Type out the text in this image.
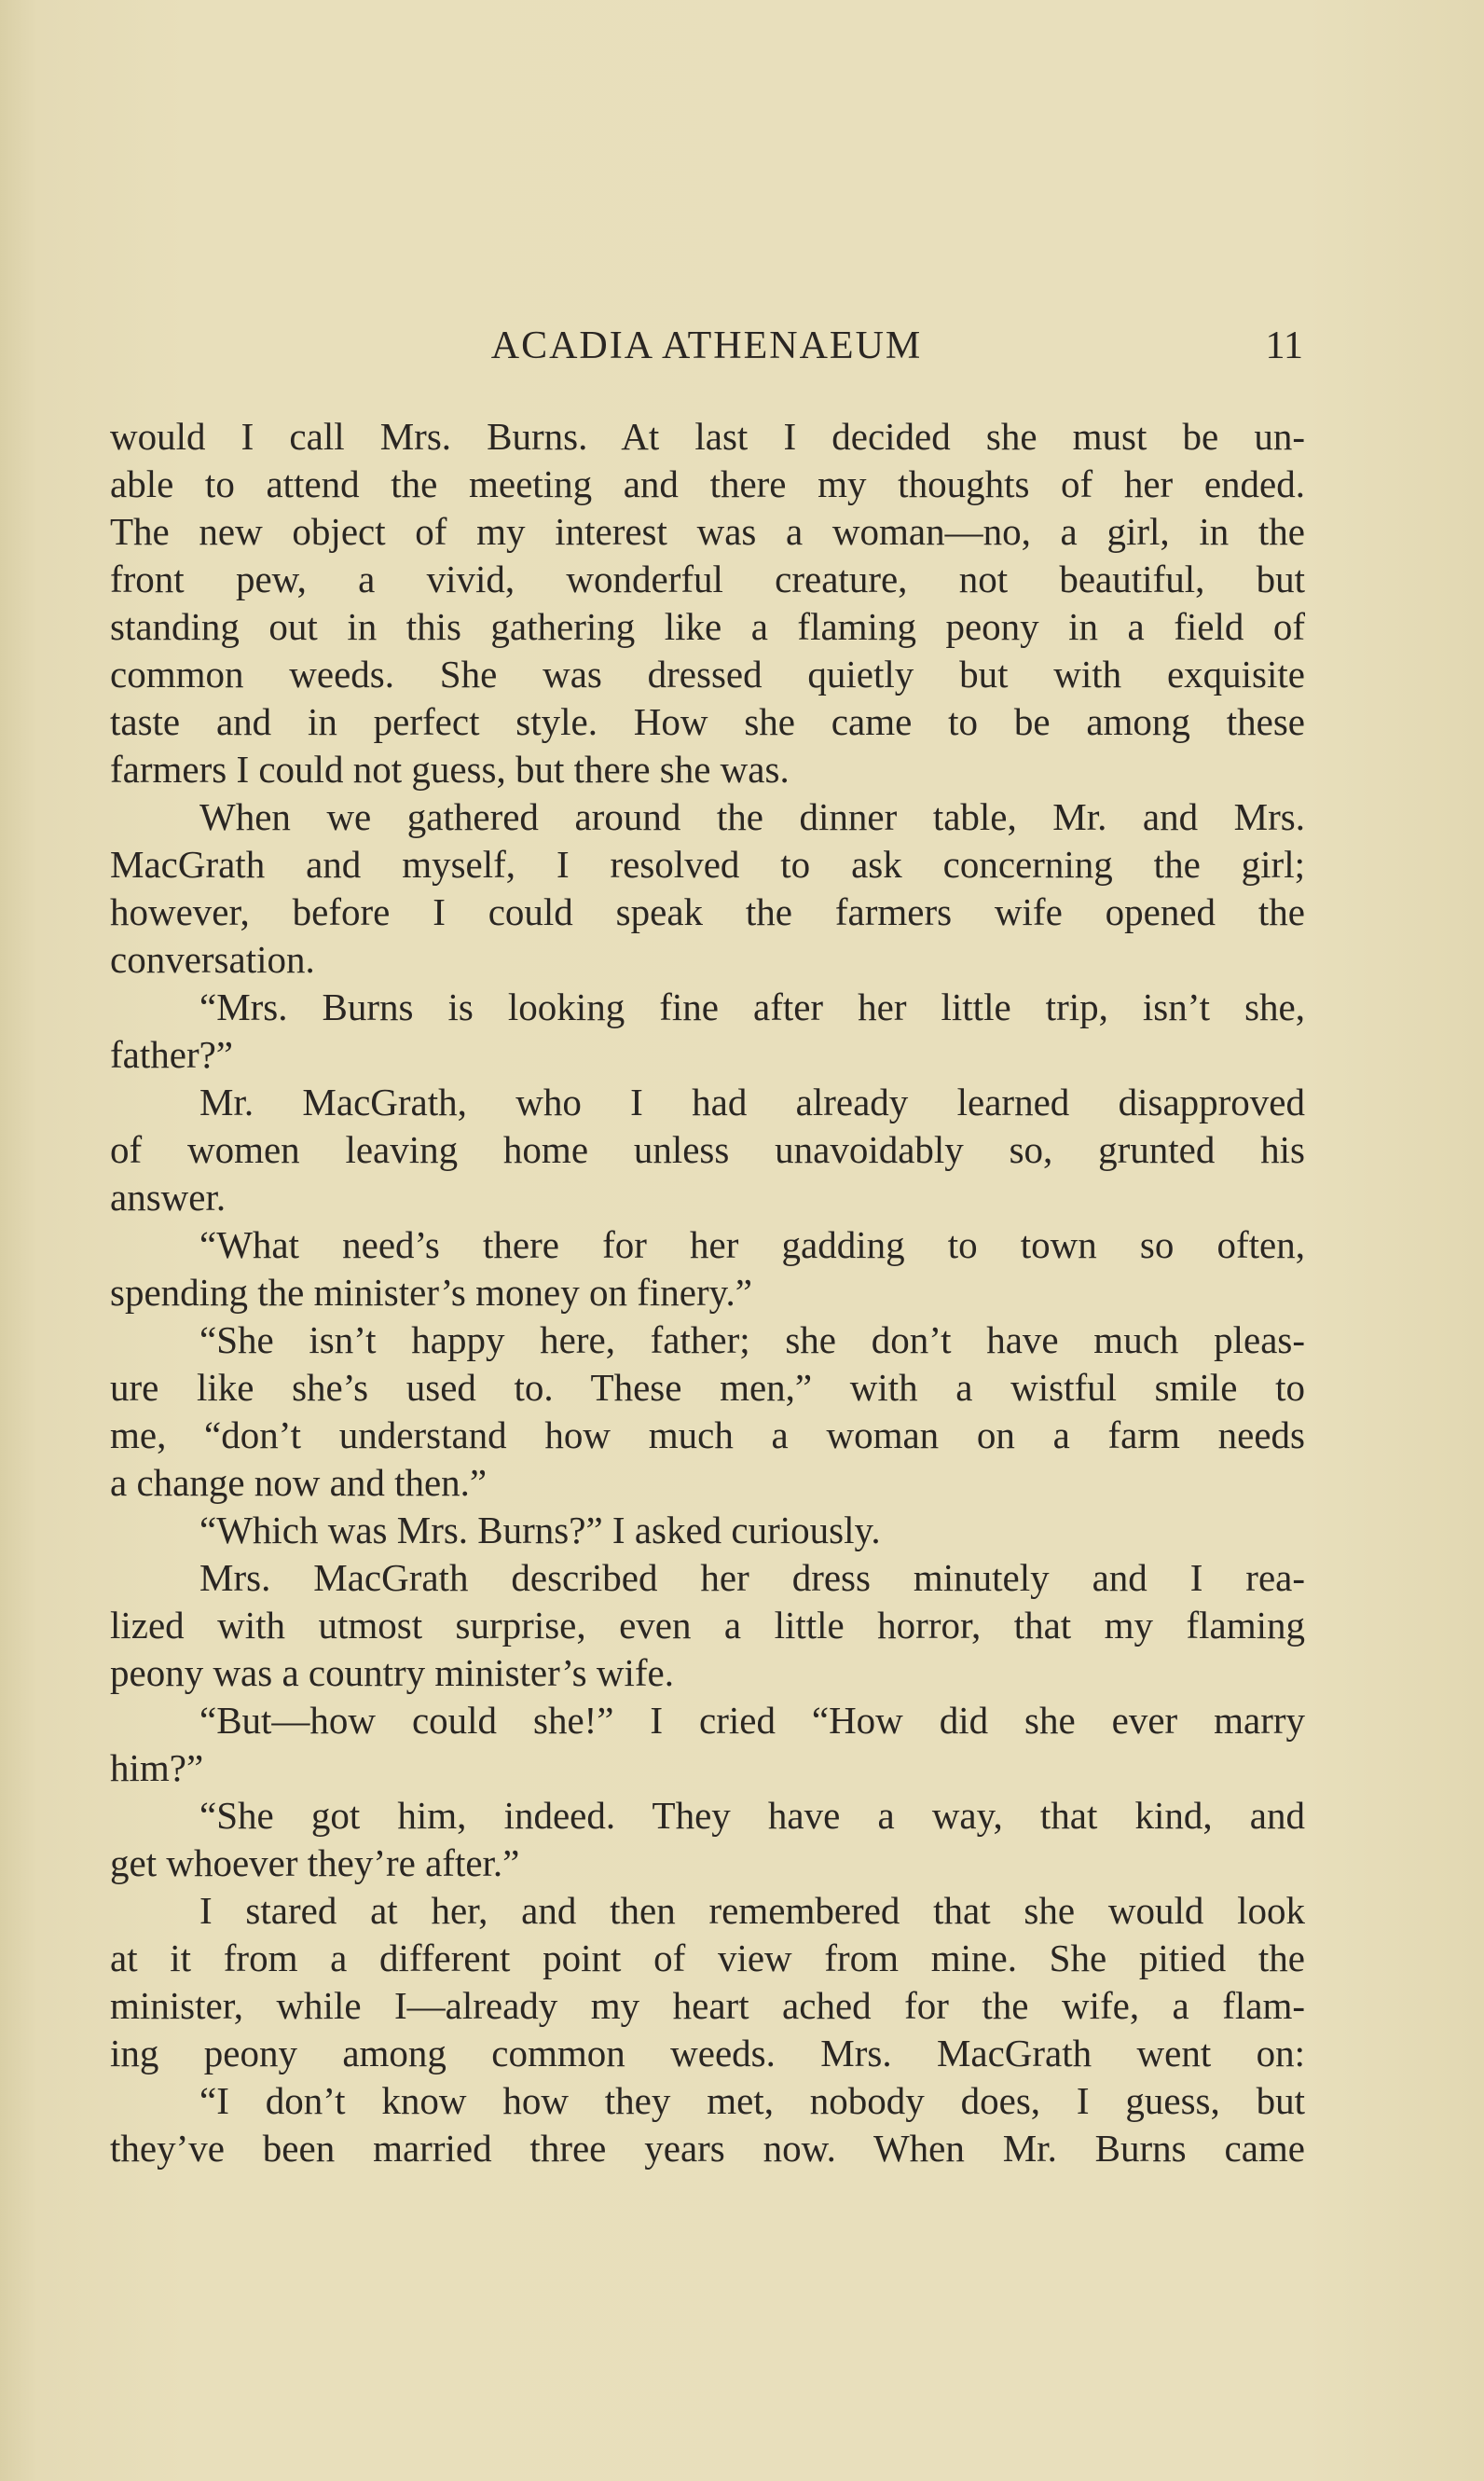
ACADIA ATHENAEUM	11
would I call Mrs. Burns. At last I decided she must be un-
able to attend the meeting and there my thoughts of her ended.
The new object of my interest was a woman—no, a girl, in the
front pew, a vivid, wonderful creature, not beautiful, but
standing out in this gathering like a flaming peony in a field of
common weeds. She was dressed quietly but with exquisite
taste and in perfect style. How she came to be among these
farmers I could not guess, but there she was.
When we gathered around the dinner table, Mr. and Mrs.
MacGrath and myself, I resolved to ask concerning the girl;
however, before I could speak the farmers wife opened the
conversation.
“Mrs. Burns is looking fine after her little trip, isn’t she,
father?”
Mr. MacGrath, who I had already learned disapproved
of women leaving home unless unavoidably so, grunted his
answer.
“What need’s there for her gadding to town so often,
spending the minister’s money on finery.”
“She isn’t happy here, father; she don’t have much pleas-
ure like she’s used to. These men,” with a wistful smile to
me, “don’t understand how much a woman on a farm needs
a change now and then.”
“Which was Mrs. Burns?” I asked curiously.
Mrs. MacGrath described her dress minutely and I rea-
lized with utmost surprise, even a little horror, that my flaming
peony was a country minister’s wife.
“But—how could she!” I cried “How did she ever marry
him?”
“She got him, indeed. They have a way, that kind, and
get whoever they’re after.”
I stared at her, and then remembered that she would look
at it from a different point of view from mine. She pitied the
minister, while I—already my heart ached for the wife, a flam-
ing peony among common weeds. Mrs. MacGrath went on:
“I don’t know how they met, nobody does, I guess, but
they’ve been married three years now. When Mr. Burns came
